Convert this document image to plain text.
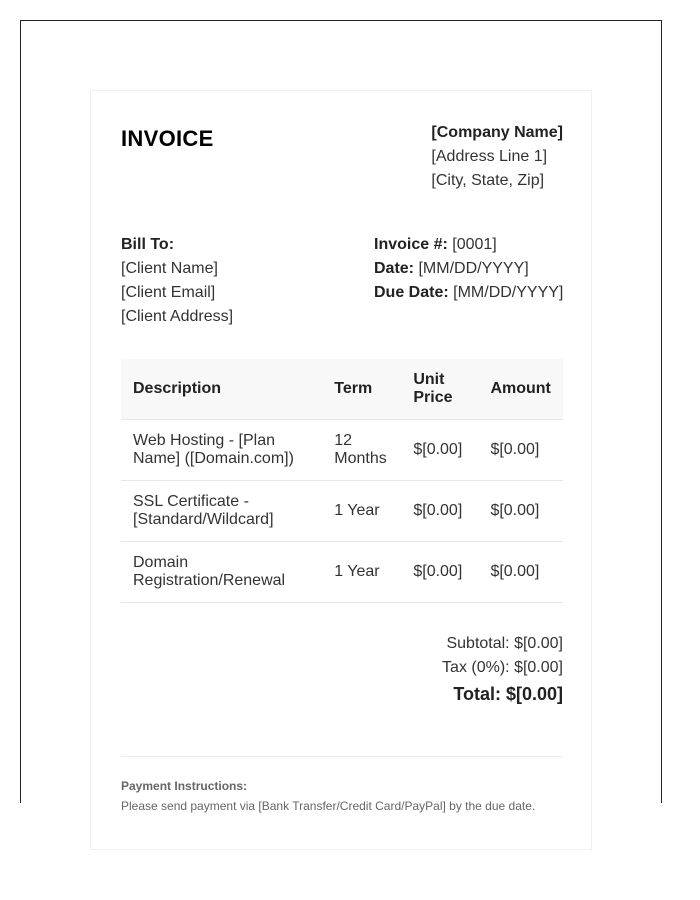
INVOICE	[Company Name]
[Address Line 1]
[City, State, Zip]
Bill To:
[Client Name]
[Client Email]
[Client Address]
Invoice #: [0001]
Date: [MM/DD/YYYY]
Due Date: [MM/DD/YYYY]
Description	Term	Unit Price	Amount
Web Hosting - [Plan Name] ([Domain.com])	12 Months	$[0.00]	$[0.00]
SSL Certificate - [Standard/Wildcard]	1 Year	$[0.00]	$[0.00]
Domain Registration/Renewal	1 Year	$[0.00]	$[0.00]
Subtotal: $[0.00]
Tax (0%): $[0.00]
Total: $[0.00]
Payment Instructions:
Please send payment via [Bank Transfer/Credit Card/PayPal] by the due date.
